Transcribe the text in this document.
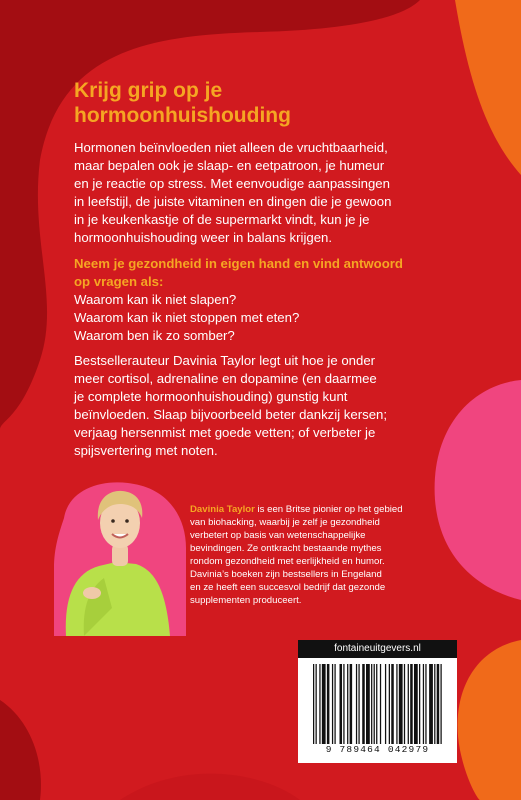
Krijg grip op je
hormoonhuishouding

Hormonen beïnvloeden niet alleen de vruchtbaarheid,
maar bepalen ook je slaap- en eetpatroon, je humeur
en je reactie op stress. Met eenvoudige aanpassingen
in leefstijl, de juiste vitaminen en dingen die je gewoon
in je keukenkastje of de supermarkt vindt, kun je je
hormoonhuishouding weer in balans krijgen.

Neem je gezondheid in eigen hand en vind antwoord
op vragen als:

Waarom kan ik niet slapen?
Waarom kan ik niet stoppen met eten?
Waarom ben ik zo somber?

Bestsellerauteur Davinia Taylor legt uit hoe je onder
meer cortisol, adrenaline en dopamine (en daarmee
je complete hormoonhuishouding) gunstig kunt
beïnvloeden. Slaap bijvoorbeeld beter dankzij kersen;
verjaag hersenmist met goede vetten; of verbeter je
spijsvertering met noten.

Davinia Taylor is een Britse pionier op het gebied
van biohacking, waarbij je zelf je gezondheid
verbetert op basis van wetenschappelijke
bevindingen. Ze ontkracht bestaande mythes
rondom gezondheid met eerlijkheid en humor.
Davinia’s boeken zijn bestsellers in Engeland
en ze heeft een succesvol bedrijf dat gezonde
supplementen produceert.

fontaineuitgevers.nl
9 789464 042979
